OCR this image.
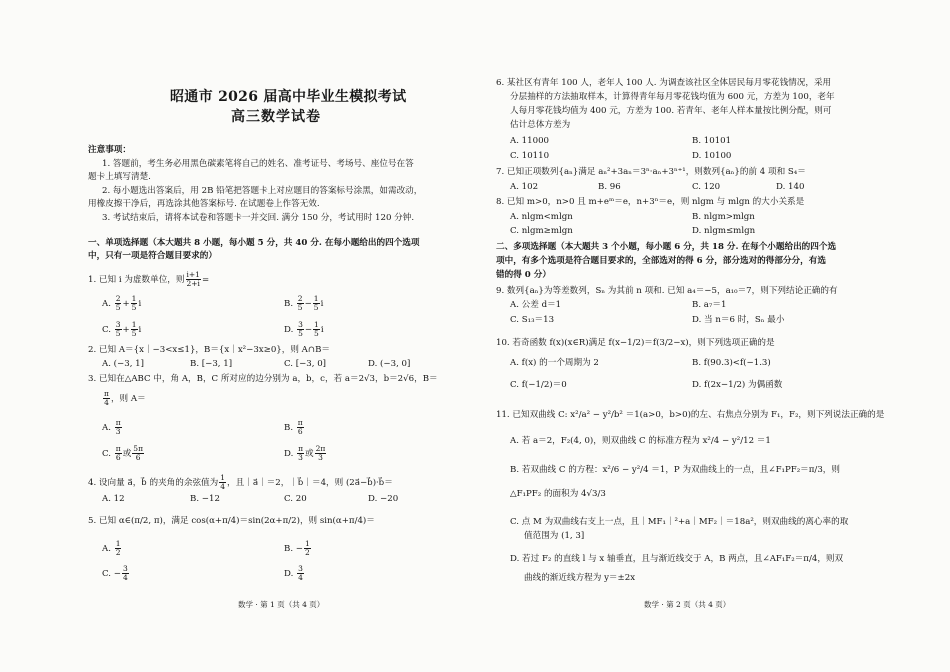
昭通市 2026 届高中毕业生模拟考试
高三数学试卷
注意事项：
1. 答题前，考生务必用黑色碳素笔将自己的姓名、准考证号、考场号、座位号在答
题卡上填写清楚.
2. 每小题选出答案后，用 2B 铅笔把答题卡上对应题目的答案标号涂黑，如需改动，
用橡皮擦干净后，再选涂其他答案标号. 在试题卷上作答无效.
3. 考试结束后，请将本试卷和答题卡一并交回. 满分 150 分，考试用时 120 分钟.
一、单项选择题（本大题共 8 小题，每小题 5 分，共 40 分. 在每小题给出的四个选项
中，只有一项是符合题目要求的）
1. 已知 i 为虚数单位，则 $\frac{i+1}{2+i}$ =
A. $\frac{2}{5} + \frac{1}{5}$ i	B. $\frac{2}{5} - \frac{1}{5}$ i
C. $\frac{3}{5} + \frac{1}{5}$ i	D. $\frac{3}{5} - \frac{1}{5}$ i
2. 已知 A＝{x｜−3<x≤1}，B＝{x｜x²−3x≥0}，则 A∩B＝
A. (−3, 1]	B. [−3, 1]	C. [−3, 0]	D. (−3, 0]
3. 已知在△ABC 中，角 A，B，C 所对应的边分别为 a，b，c，若 a＝2√3，b＝2√6，B＝
$\frac{\pi}{4}$ ，则 A＝
A. $\frac{\pi}{3}$	B. $\frac{\pi}{6}$
C. $\frac{\pi}{6}$ 或 $\frac{5\pi}{6}$	D. $\frac{\pi}{3}$ 或 $\frac{2\pi}{3}$
4. 设向量 a⃗，b⃗ 的夹角的余弦值为 $\frac{1}{4}$ ，且｜a⃗｜＝2，｜b⃗｜＝4，则 (2a⃗−b⃗)·b⃗＝
A. 12	B. −12	C. 20	D. −20
5. 已知 α∈(π/2, π)，满足 cos(α+π/4)＝sin(2α+π/2)，则 sin(α+π/4)＝
A. $\frac{1}{2}$	B. − $\frac{1}{2}$
C. − $\frac{3}{4}$	D. $\frac{3}{4}$
数学 · 第 1 页（共 4 页）
6. 某社区有青年 100 人，老年人 100 人. 为调查该社区全体居民每月零花钱情况，采用
分层抽样的方法抽取样本，计算得青年每月零花钱均值为 600 元，方差为 100，老年
人每月零花钱均值为 400 元，方差为 100. 若青年、老年人样本量按比例分配，则可
估计总体方差为
A. 11000	B. 10101
C. 10110	D. 10100
7. 已知正项数列{aₙ}满足 aₙ²+3aₙ＝3ⁿ·aₙ+3ⁿ⁺¹，则数列{aₙ}的前 4 项和 S₄＝
A. 102	B. 96	C. 120	D. 140
8. 已知 m>0，n>0 且 m+eᵐ＝e，n+3ⁿ＝e，则 nlgm 与 mlgn 的大小关系是
A. nlgm<mlgn	B. nlgm>mlgn
C. nlgm≥mlgn	D. nlgm≤mlgn
二、多项选择题（本大题共 3 个小题，每小题 6 分，共 18 分. 在每个小题给出的四个选
项中，有多个选项是符合题目要求的，全部选对的得 6 分，部分选对的得部分分，有选
错的得 0 分）
9. 数列{aₙ}为等差数列，Sₙ 为其前 n 项和. 已知 a₄＝−5，a₁₀＝7，则下列结论正确的有
A. 公差 d＝1	B. a₇＝1
C. S₁₃＝13	D. 当 n＝6 时，Sₙ 最小
10. 若奇函数 f(x)(x∈R)满足 f(x−1/2)＝f(3/2−x)，则下列选项正确的是
A. f(x) 的一个周期为 2	B. f(90.3)<f(−1.3)
C. f(−1/2)＝0	D. f(2x−1/2) 为偶函数
11. 已知双曲线 C: x²/a² − y²/b² ＝1(a>0，b>0)的左、右焦点分别为 F₁，F₂，则下列说法正确的是
A. 若 a＝2，F₂(4, 0)，则双曲线 C 的标准方程为 x²/4 − y²/12 ＝1
B. 若双曲线 C 的方程：x²/6 − y²/4 ＝1，P 为双曲线上的一点，且∠F₁PF₂＝π/3，则
△F₁PF₂ 的面积为 4√3/3
C. 点 M 为双曲线右支上一点，且｜MF₁｜²+a｜MF₂｜＝18a²，则双曲线的离心率的取
值范围为 (1, 3]
D. 若过 F₂ 的直线 l 与 x 轴垂直，且与渐近线交于 A，B 两点，且∠AF₁F₂＝π/4，则双
曲线的渐近线方程为 y＝±2x
数学 · 第 2 页（共 4 页）
